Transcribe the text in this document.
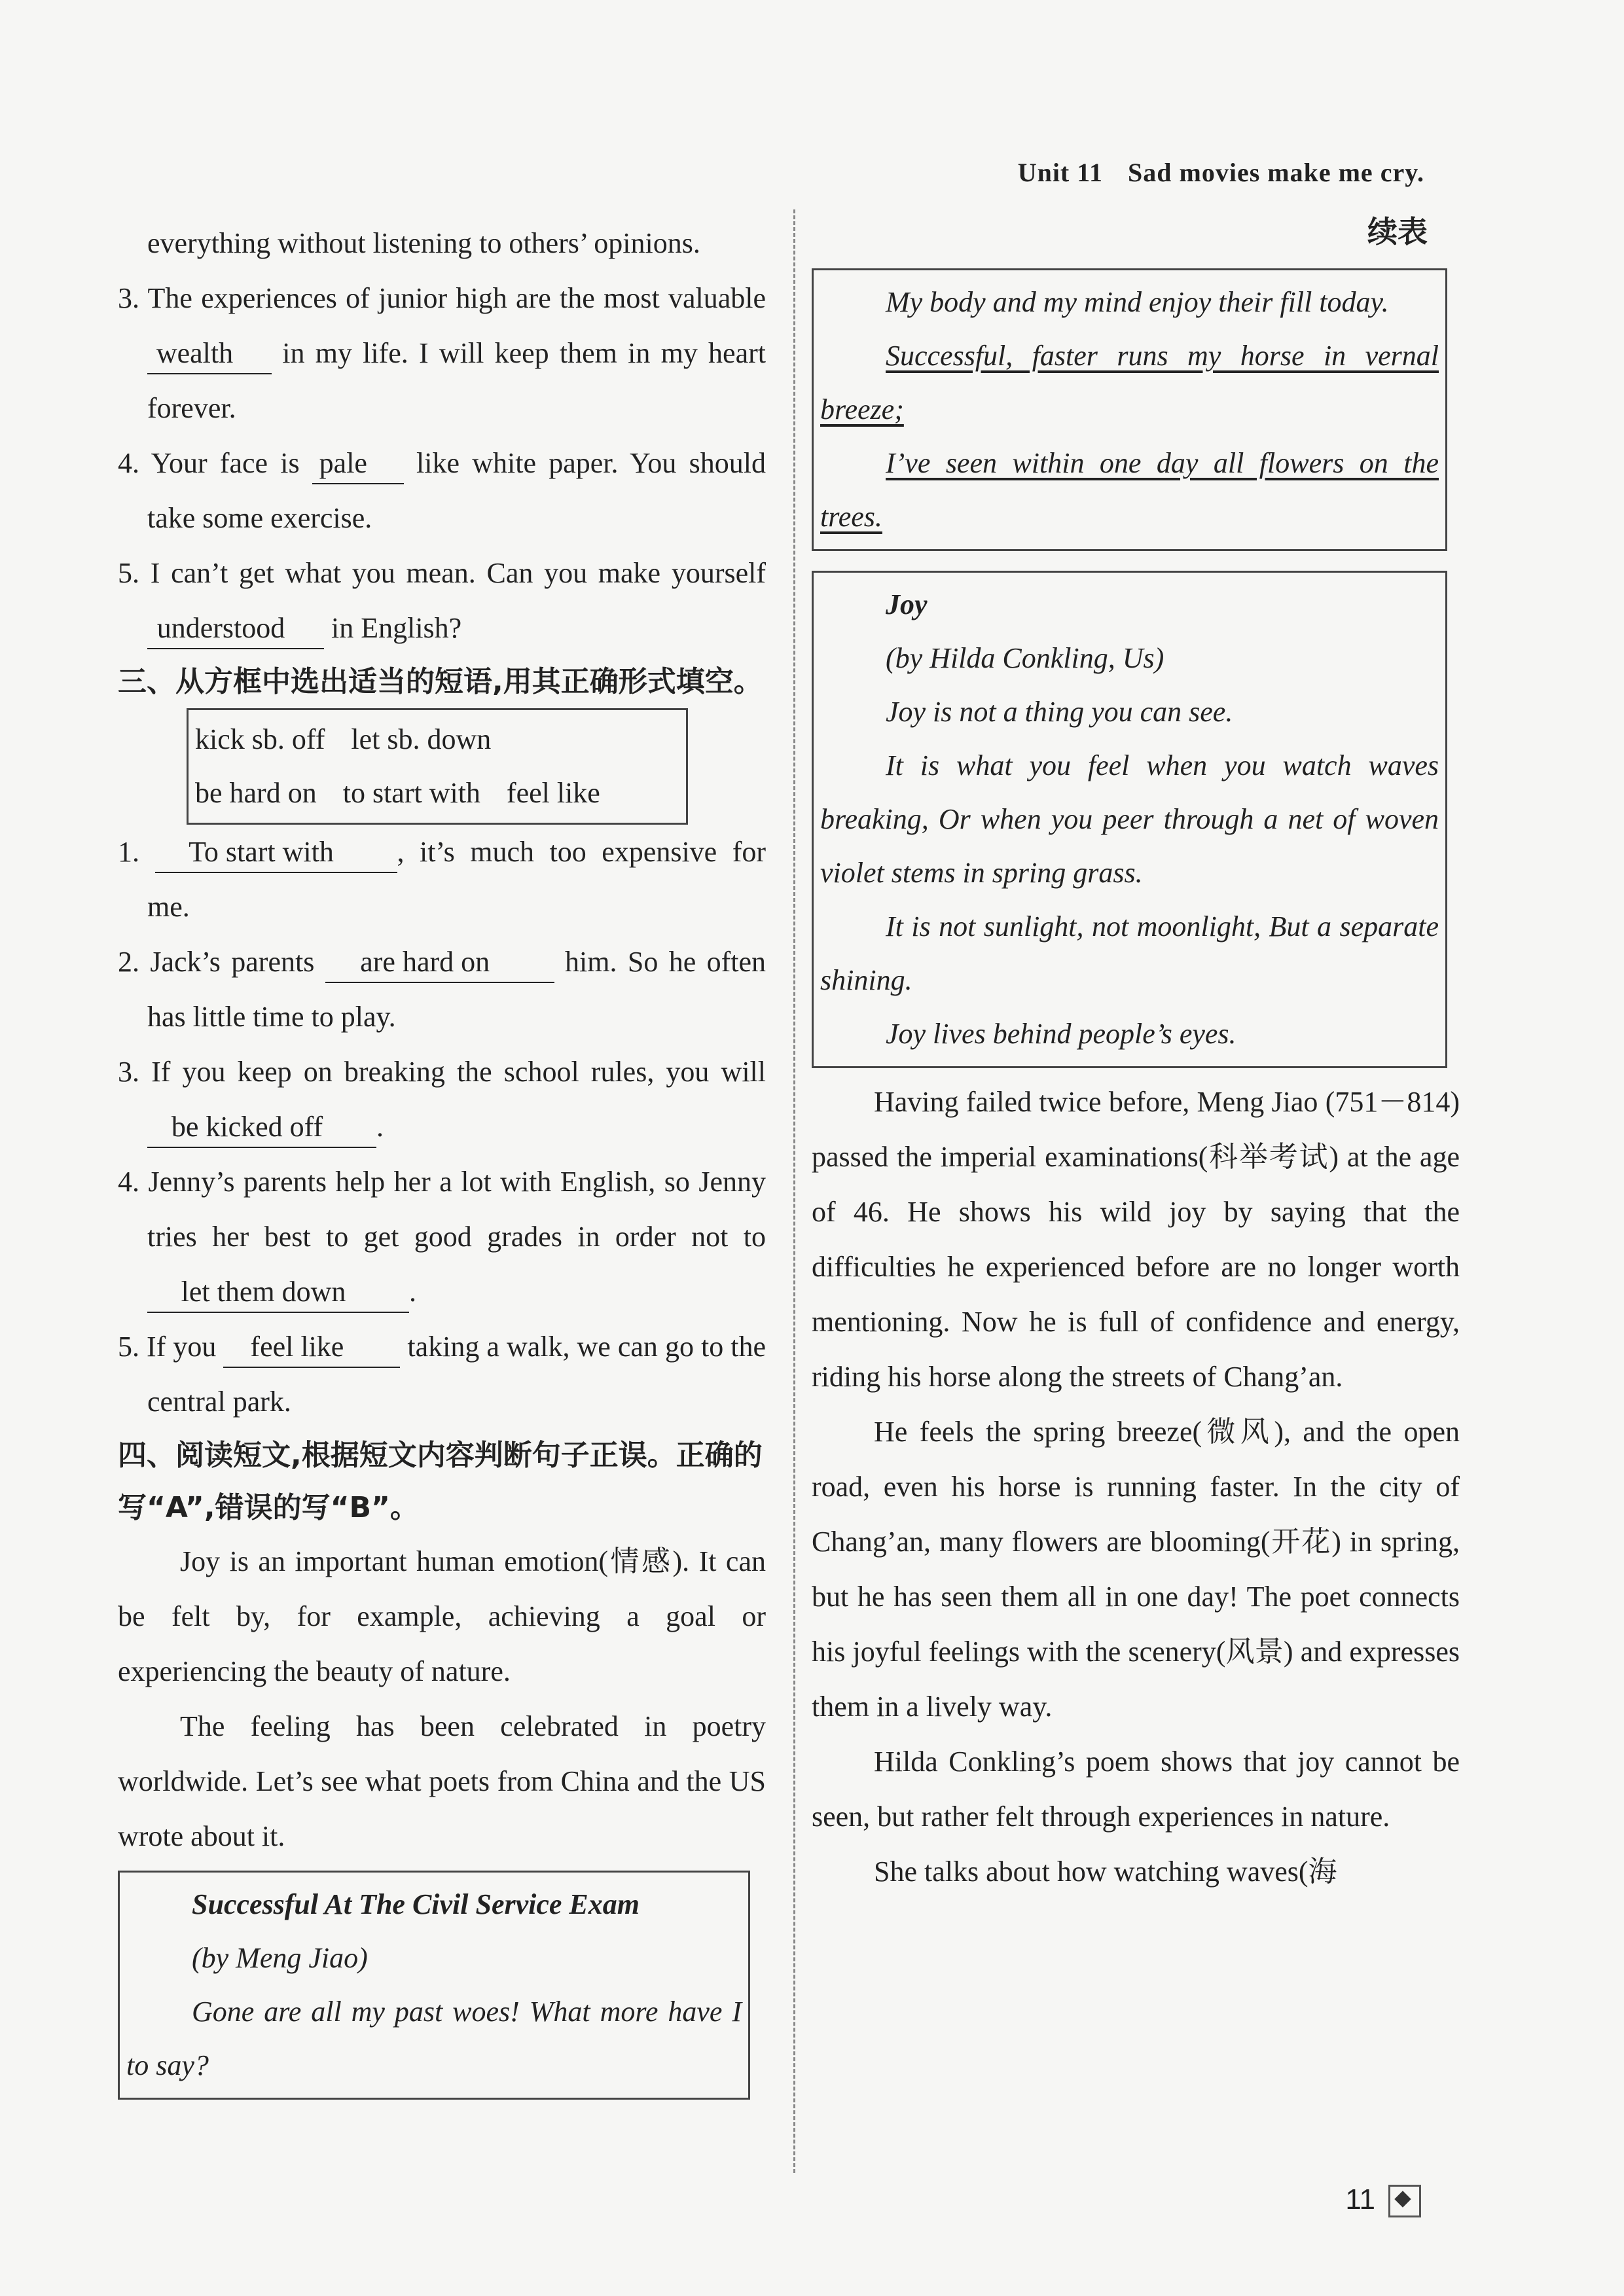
Unit 11 Sad movies make me cry.
续表

everything without listening to others’ opinions.

3. The experiences of junior high are the most valuable wealth in my life. I will keep them in my heart forever.

4. Your face is pale like white paper. You should take some exercise.

5. I can’t get what you mean. Can you make yourself understood in English?

三、从方框中选出适当的短语,用其正确形式填空。

kick sb. off let sb. down
be hard on to start with feel like

1. To start with , it’s much too expensive for me.

2. Jack’s parents are hard on him. So he often has little time to play.

3. If you keep on breaking the school rules, you will be kicked off .

4. Jenny’s parents help her a lot with English, so Jenny tries her best to get good grades in order not to let them down .

5. If you feel like taking a walk, we can go to the central park.

四、阅读短文,根据短文内容判断句子正误。正确的写“A”,错误的写“B”。

Joy is an important human emotion(情感). It can be felt by, for example, achieving a goal or experiencing the beauty of nature.

The feeling has been celebrated in poetry worldwide. Let’s see what poets from China and the US wrote about it.

Successful At The Civil Service Exam

(by Meng Jiao)

Gone are all my past woes! What more have I to say?

My body and my mind enjoy their fill today.

Successful, faster runs my horse in vernal breeze;

I’ve seen within one day all flowers on the trees.

Joy

(by Hilda Conkling, Us)

Joy is not a thing you can see.

It is what you feel when you watch waves breaking, Or when you peer through a net of woven violet stems in spring grass.

It is not sunlight, not moonlight, But a separate shining.

Joy lives behind people’s eyes.

Having failed twice before, Meng Jiao (751－814) passed the imperial examinations(科举考试) at the age of 46. He shows his wild joy by saying that the difficulties he experienced before are no longer worth mentioning. Now he is full of confidence and energy, riding his horse along the streets of Chang’an.

He feels the spring breeze(微风), and the open road, even his horse is running faster. In the city of Chang’an, many flowers are blooming(开花) in spring, but he has seen them all in one day! The poet connects his joyful feelings with the scenery(风景) and expresses them in a lively way.

Hilda Conkling’s poem shows that joy cannot be seen, but rather felt through experiences in nature.

She talks about how watching waves(海

11
